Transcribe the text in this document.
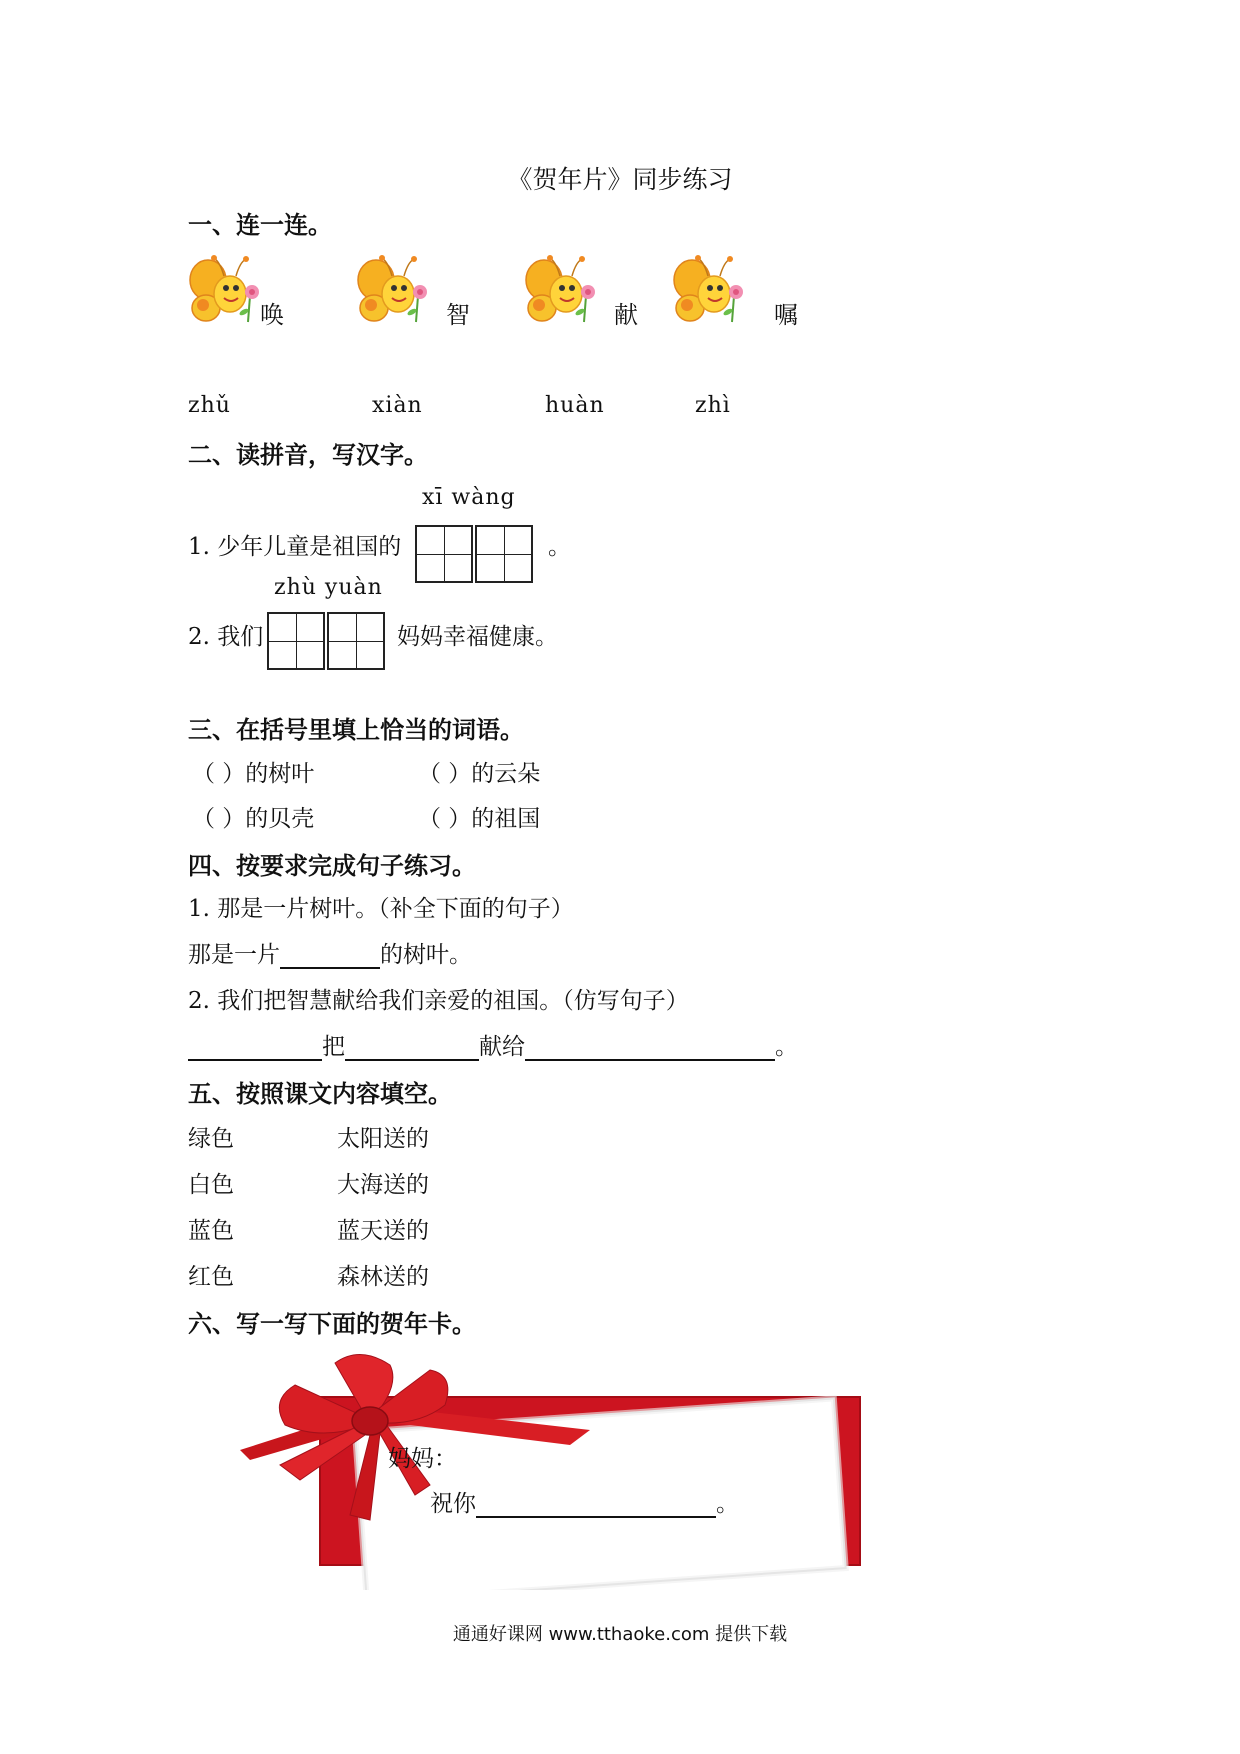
《贺年片》同步练习
一、连一连。
唤	智	献	嘱
zhǔ	xiàn	huàn	zhì
二、读拼音，写汉字。
xī wàng
1. 少年儿童是祖国的	。
zhù yuàn
2. 我们	妈妈幸福健康。
三、在括号里填上恰当的词语。
（ ）的树叶	（ ）的云朵
（ ）的贝壳	（ ）的祖国
四、按要求完成句子练习。
1. 那是一片树叶。（补全下面的句子）
那是一片	的树叶。
2. 我们把智慧献给我们亲爱的祖国。（仿写句子）
把	献给	。
五、按照课文内容填空。
绿色	太阳送的
白色	大海送的
蓝色	蓝天送的
红色	森林送的
六、写一写下面的贺年卡。
妈妈：
祝你	。
通通好课网 www.tthaoke.com 提供下载
